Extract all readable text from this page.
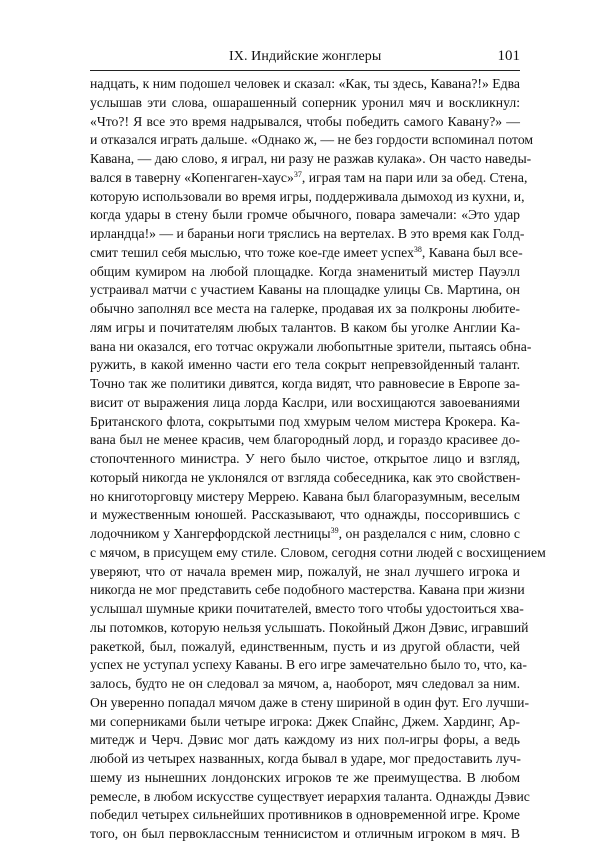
IX. Индийские жонглеры	101
надцать, к ним подошел человек и сказал: «Как, ты здесь, Кавана?!» Едва
услышав эти слова, ошарашенный соперник уронил мяч и воскликнул:
«Что?! Я все это время надрывался, чтобы победить самого Кавану?» —
и отказался играть дальше. «Однако ж, — не без гордости вспоминал потом
Кавана, — даю слово, я играл, ни разу не разжав кулака». Он часто наведы-
вался в таверну «Копенгаген-хаус»$^{37}$, играя там на пари или за обед. Стена,
которую использовали во время игры, поддерживала дымоход из кухни, и,
когда удары в стену были громче обычного, повара замечали: «Это удар
ирландца!» — и бараньи ноги тряслись на вертелах. В это время как Голд-
смит тешил себя мыслью, что тоже кое-где имеет успех$^{38}$, Кавана был все-
общим кумиром на любой площадке. Когда знаменитый мистер Пауэлл
устраивал матчи с участием Каваны на площадке улицы Св. Мартина, он
обычно заполнял все места на галерке, продавая их за полкроны любите-
лям игры и почитателям любых талантов. В каком бы уголке Англии Ка-
вана ни оказался, его тотчас окружали любопытные зрители, пытаясь обна-
ружить, в какой именно части его тела сокрыт непревзойденный талант.
Точно так же политики дивятся, когда видят, что равновесие в Европе за-
висит от выражения лица лорда Каслри, или восхищаются завоеваниями
Британского флота, сокрытыми под хмурым челом мистера Крокера. Ка-
вана был не менее красив, чем благородный лорд, и гораздо красивее до-
стопочтенного министра. У него было чистое, открытое лицо и взгляд,
который никогда не уклонялся от взгляда собеседника, как это свойствен-
но книготорговцу мистеру Меррею. Кавана был благоразумным, веселым
и мужественным юношей. Рассказывают, что однажды, поссорившись с
лодочником у Хангерфордской лестницы$^{39}$, он разделался с ним, словно с
с мячом, в присущем ему стиле. Словом, сегодня сотни людей с восхищением
уверяют, что от начала времен мир, пожалуй, не знал лучшего игрока и
никогда не мог представить себе подобного мастерства. Кавана при жизни
услышал шумные крики почитателей, вместо того чтобы удостоиться хва-
лы потомков, которую нельзя услышать. Покойный Джон Дэвис, игравший
ракеткой, был, пожалуй, единственным, пусть и из другой области, чей
успех не уступал успеху Каваны. В его игре замечательно было то, что, ка-
залось, будто не он следовал за мячом, а, наоборот, мяч следовал за ним.
Он уверенно попадал мячом даже в стену шириной в один фут. Его лучши-
ми соперниками были четыре игрока: Джек Спайнс, Джем. Хардинг, Ар-
митедж и Черч. Дэвис мог дать каждому из них пол-игры форы, а ведь
любой из четырех названных, когда бывал в ударе, мог предоставить луч-
шему из нынешних лондонских игроков те же преимущества. В любом
ремесле, в любом искусстве существует иерархия таланта. Однажды Дэвис
победил четырех сильнейших противников в одновременной игре. Кроме
того, он был первоклассным теннисистом и отличным игроком в мяч. В
